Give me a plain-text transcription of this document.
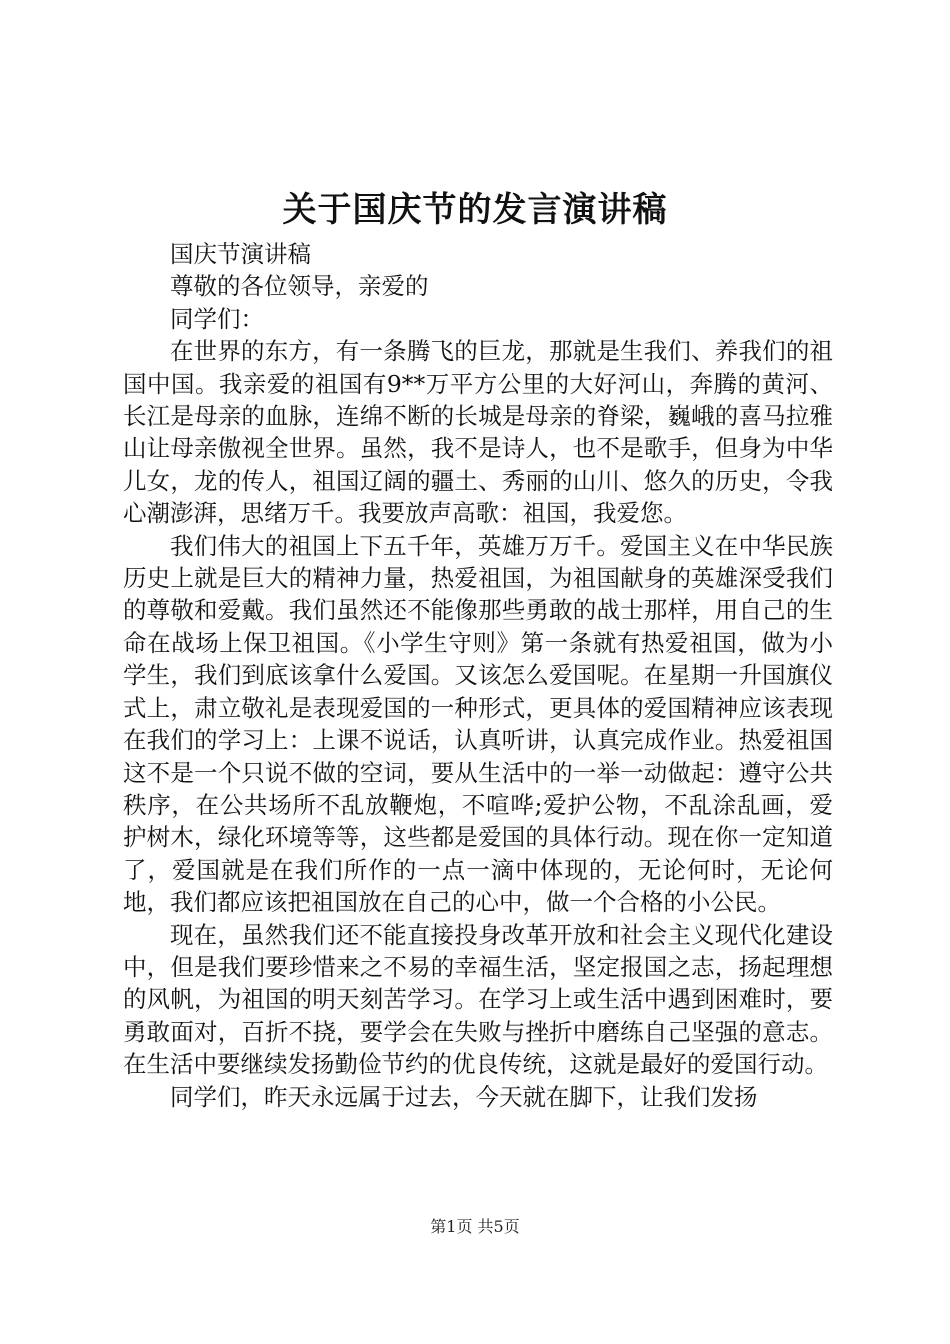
关于国庆节的发言演讲稿

国庆节演讲稿

尊敬的各位领导，亲爱的

同学们：

在世界的东方，有一条腾飞的巨龙，那就是生我们、养我们的祖国中国。我亲爱的祖国有9**万平方公里的大好河山，奔腾的黄河、长江是母亲的血脉，连绵不断的长城是母亲的脊梁，巍峨的喜马拉雅山让母亲傲视全世界。虽然，我不是诗人，也不是歌手，但身为中华儿女，龙的传人，祖国辽阔的疆土、秀丽的山川、悠久的历史，令我心潮澎湃，思绪万千。我要放声高歌：祖国，我爱您。

我们伟大的祖国上下五千年，英雄万万千。爱国主义在中华民族历史上就是巨大的精神力量，热爱祖国，为祖国献身的英雄深受我们的尊敬和爱戴。我们虽然还不能像那些勇敢的战士那样，用自己的生命在战场上保卫祖国。《小学生守则》第一条就有热爱祖国，做为小学生，我们到底该拿什么爱国。又该怎么爱国呢。在星期一升国旗仪式上，肃立敬礼是表现爱国的一种形式，更具体的爱国精神应该表现在我们的学习上：上课不说话，认真听讲，认真完成作业。热爱祖国这不是一个只说不做的空词，要从生活中的一举一动做起：遵守公共秩序，在公共场所不乱放鞭炮，不喧哗;爱护公物，不乱涂乱画，爱护树木，绿化环境等等，这些都是爱国的具体行动。现在你一定知道了，爱国就是在我们所作的一点一滴中体现的，无论何时，无论何地，我们都应该把祖国放在自己的心中，做一个合格的小公民。

现在，虽然我们还不能直接投身改革开放和社会主义现代化建设中，但是我们要珍惜来之不易的幸福生活，坚定报国之志，扬起理想的风帆，为祖国的明天刻苦学习。在学习上或生活中遇到困难时，要勇敢面对，百折不挠，要学会在失败与挫折中磨练自己坚强的意志。在生活中要继续发扬勤俭节约的优良传统，这就是最好的爱国行动。

同学们，昨天永远属于过去，今天就在脚下，让我们发扬

第1页 共5页
